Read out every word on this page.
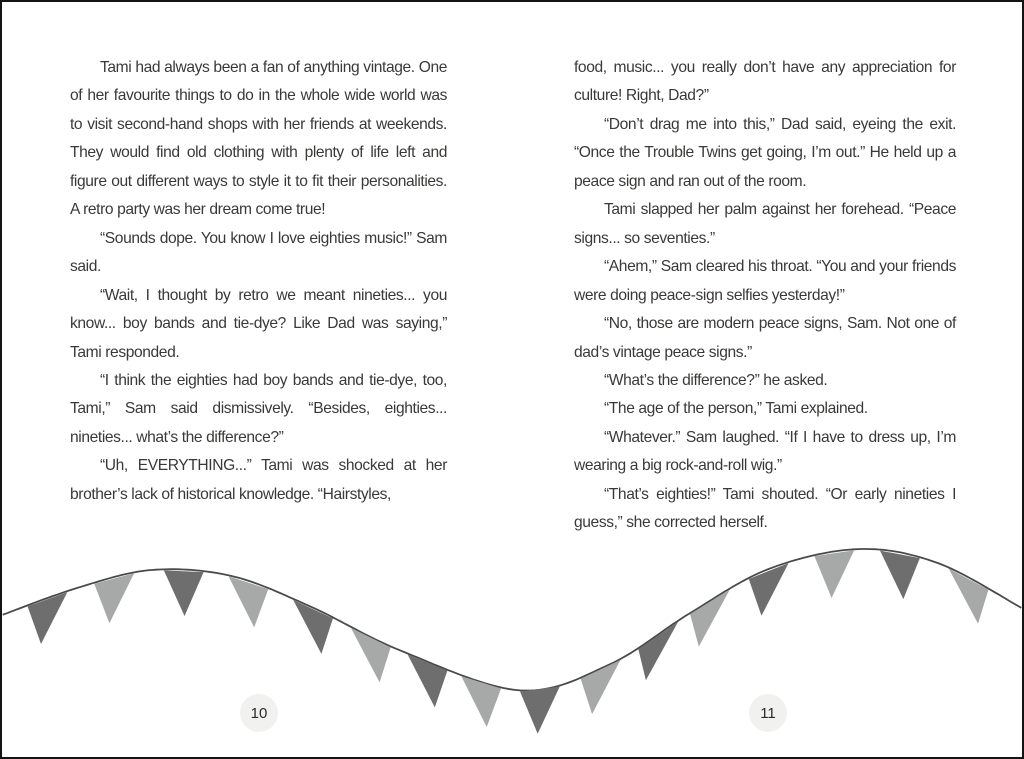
Tami had always been a fan of anything vintage. One of her favourite things to do in the whole wide world was to visit second-hand shops with her friends at weekends. They would find old clothing with plenty of life left and figure out different ways to style it to fit their personalities. A retro party was her dream come true!

“Sounds dope. You know I love eighties music!” Sam said.

“Wait, I thought by retro we meant nineties... you know... boy bands and tie-dye? Like Dad was saying,” Tami responded.

“I think the eighties had boy bands and tie-dye, too, Tami,” Sam said dismissively. “Besides, eighties... nineties... what’s the difference?”

“Uh, EVERYTHING...” Tami was shocked at her brother’s lack of historical knowledge. “Hairstyles,

food, music... you really don’t have any appreciation for culture! Right, Dad?”

“Don’t drag me into this,” Dad said, eyeing the exit. “Once the Trouble Twins get going, I’m out.” He held up a peace sign and ran out of the room.

Tami slapped her palm against her forehead. “Peace signs... so seventies.”

“Ahem,” Sam cleared his throat. “You and your friends were doing peace-sign selfies yesterday!”

“No, those are modern peace signs, Sam. Not one of dad’s vintage peace signs.”

“What’s the difference?” he asked.

“The age of the person,” Tami explained.

“Whatever.” Sam laughed. “If I have to dress up, I’m wearing a big rock-and-roll wig.”

“That’s eighties!” Tami shouted. “Or early nineties I guess,” she corrected herself.

10	11
